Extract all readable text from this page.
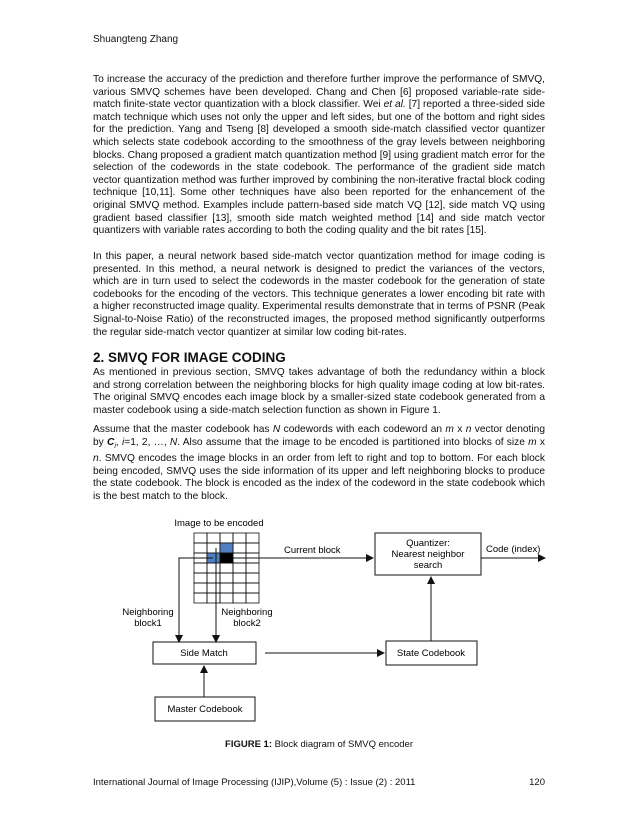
Shuangteng Zhang

To increase the accuracy of the prediction and therefore further improve the performance of SMVQ, various SMVQ schemes have been developed. Chang and Chen [6] proposed variable-rate side-match finite-state vector quantization with a block classifier. Wei et al. [7] reported a three-sided side match technique which uses not only the upper and left sides, but one of the bottom and right sides for the prediction. Yang and Tseng [8] developed a smooth side-match classified vector quantizer which selects state codebook according to the smoothness of the gray levels between neighboring blocks. Chang proposed a gradient match quantization method [9] using gradient match error for the selection of the codewords in the state codebook. The performance of the gradient side match vector quantization method was further improved by combining the non-iterative fractal block coding technique [10,11]. Some other techniques have also been reported for the enhancement of the original SMVQ method. Examples include pattern-based side match VQ [12], side match VQ using gradient based classifier [13], smooth side match weighted method [14] and side match vector quantizers with variable rates according to both the coding quality and the bit rates [15].

In this paper, a neural network based side-match vector quantization method for image coding is presented. In this method, a neural network is designed to predict the variances of the vectors, which are in turn used to select the codewords in the master codebook for the generation of state codebooks for the encoding of the vectors. This technique generates a lower encoding bit rate with a higher reconstructed image quality. Experimental results demonstrate that in terms of PSNR (Peak Signal-to-Noise Ratio) of the reconstructed images, the proposed method significantly outperforms the regular side-match vector quantizer at similar low coding bit-rates.

2. SMVQ FOR IMAGE CODING

As mentioned in previous section, SMVQ takes advantage of both the redundancy within a block and strong correlation between the neighboring blocks for high quality image coding at low bit-rates. The original SMVQ encodes each image block by a smaller-sized state codebook generated from a master codebook using a side-match selection function as shown in Figure 1.

Assume that the master codebook has N codewords with each codeword an m x n vector denoting by $C_i$, i=1, 2, …, N. Also assume that the image to be encoded is partitioned into blocks of size m x n. SMVQ encodes the image blocks in an order from left to right and top to bottom. For each block being encoded, SMVQ uses the side information of its upper and left neighboring blocks to produce the state codebook. The block is encoded as the index of the codeword in the state codebook which is the best match to the block.

Image to be encoded
Current block
Quantizer:
Nearest neighbor
search
Code (index)
Neighboring
block1
Neighboring
block2
Side Match	State Codebook
Master Codebook
FIGURE 1: Block diagram of SMVQ encoder
International Journal of Image Processing (IJIP),Volume (5) : Issue (2) : 2011	120
